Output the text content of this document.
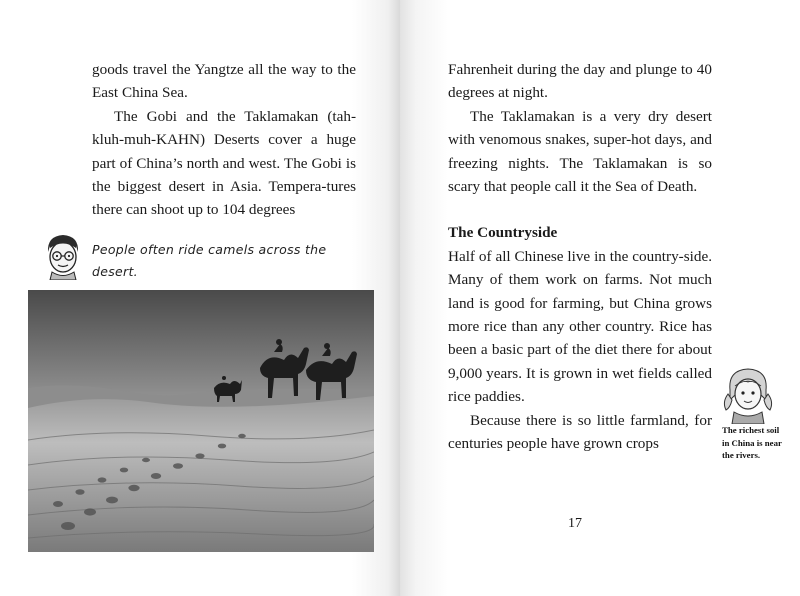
goods travel the Yangtze all the way to the East China Sea.

The Gobi and the Taklamakan (tah-kluh-muh-KAHN) Deserts cover a huge part of China’s north and west. The Gobi is the biggest desert in Asia. Tempera-tures there can shoot up to 104 degrees

People often ride camels across the desert.

Fahrenheit during the day and plunge to 40 degrees at night.

The Taklamakan is a very dry desert with venomous snakes, super-hot days, and freezing nights. The Taklamakan is so scary that people call it the Sea of Death.

The Countryside

Half of all Chinese live in the country-side. Many of them work on farms. Not much land is good for farming, but China grows more rice than any other country. Rice has been a basic part of the diet there for about 9,000 years. It is grown in wet fields called rice paddies.

Because there is so little farmland, for centuries people have grown crops

The richest soil in China is near the rivers.
17
